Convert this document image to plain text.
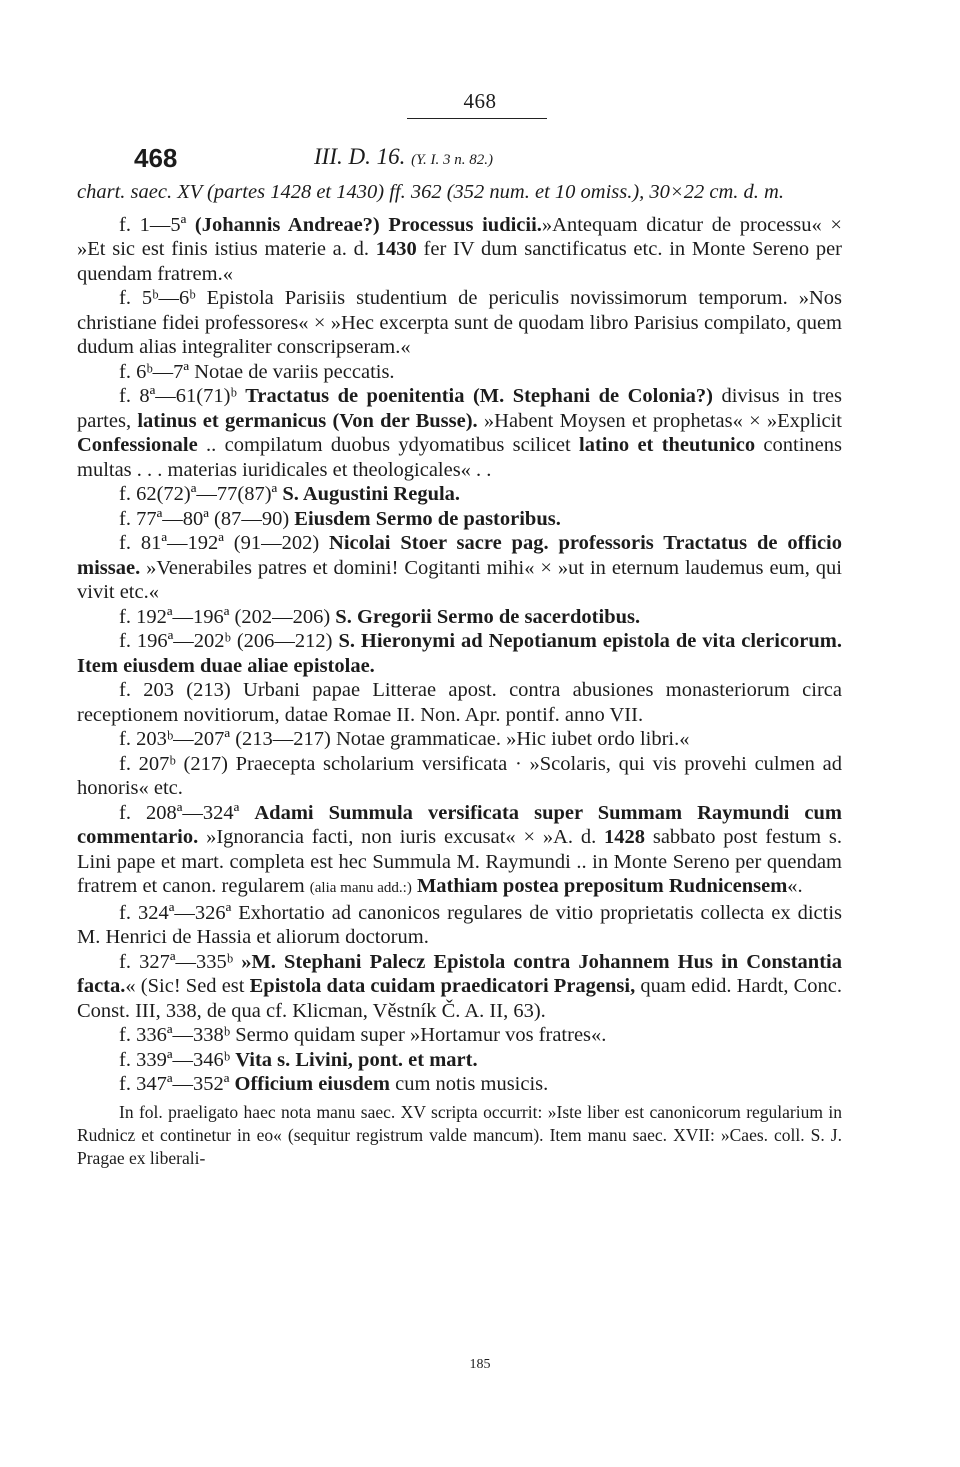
468
468	III. D. 16. (Y. I. 3 n. 82.)

chart. saec. XV (partes 1428 et 1430) ff. 362 (352 num. et 10 omiss.), 30×22 cm. d. m.

f. 1—5ª (Johannis Andreae?) Processus iudicii.»Antequam dicatur de processu« × »Et sic est finis istius materie a. d. 1430 fer IV dum sanctificatus etc. in Monte Sereno per quendam fratrem.«

f. 5ᵇ—6ᵇ Epistola Parisiis studentium de periculis novissimorum temporum. »Nos christiane fidei professores« × »Hec excerpta sunt de quodam libro Parisius compilato, quem dudum alias integraliter conscripseram.«

f. 6ᵇ—7ª Notae de variis peccatis.

f. 8ª—61(71)ᵇ Tractatus de poenitentia (M. Stephani de Colonia?) divisus in tres partes, latinus et germanicus (Von der Busse). »Habent Moysen et prophetas« × »Explicit Confessionale .. compilatum duobus ydyomatibus scilicet latino et theutunico continens multas . . . materias iuridicales et theologicales« . .

f. 62(72)ª—77(87)ª S. Augustini Regula.

f. 77ª—80ª (87—90) Eiusdem Sermo de pastoribus.

f. 81ª—192ª (91—202) Nicolai Stoer sacre pag. professoris Tractatus de officio missae. »Venerabiles patres et domini! Cogitanti mihi« × »ut in eternum laudemus eum, qui vivit etc.«

f. 192ª—196ª (202—206) S. Gregorii Sermo de sacerdotibus.

f. 196ª—202ᵇ (206—212) S. Hieronymi ad Nepotianum epistola de vita clericorum. Item eiusdem duae aliae epistolae.

f. 203 (213) Urbani papae Litterae apost. contra abusiones monasteriorum circa receptionem novitiorum, datae Romae II. Non. Apr. pontif. anno VII.

f. 203ᵇ—207ª (213—217) Notae grammaticae. »Hic iubet ordo libri.«

f. 207ᵇ (217) Praecepta scholarium versificata · »Scolaris, qui vis provehi culmen ad honoris« etc.

f. 208ª—324ª Adami Summula versificata super Summam Raymundi cum commentario. »Ignorancia facti, non iuris excusat« × »A. d. 1428 sabbato post festum s. Lini pape et mart. completa est hec Summula M. Raymundi .. in Monte Sereno per quendam fratrem et canon. regularem (alia manu add.:) Mathiam postea prepositum Rudnicensem«.

f. 324ª—326ª Exhortatio ad canonicos regulares de vitio proprietatis collecta ex dictis M. Henrici de Hassia et aliorum doctorum.

f. 327ª—335ᵇ »M. Stephani Palecz Epistola contra Johannem Hus in Constantia facta.« (Sic! Sed est Epistola data cuidam praedicatori Pragensi, quam edid. Hardt, Conc. Const. III, 338, de qua cf. Klicman, Věstník Č. A. II, 63).

f. 336ª—338ᵇ Sermo quidam super »Hortamur vos fratres«.

f. 339ª—346ᵇ Vita s. Livini, pont. et mart.

f. 347ª—352ª Officium eiusdem cum notis musicis.

In fol. praeligato haec nota manu saec. XV scripta occurrit: »Iste liber est canonicorum regularium in Rudnicz et continetur in eo« (sequitur registrum valde mancum). Item manu saec. XVII: »Caes. coll. S. J. Pragae ex liberali-

185
